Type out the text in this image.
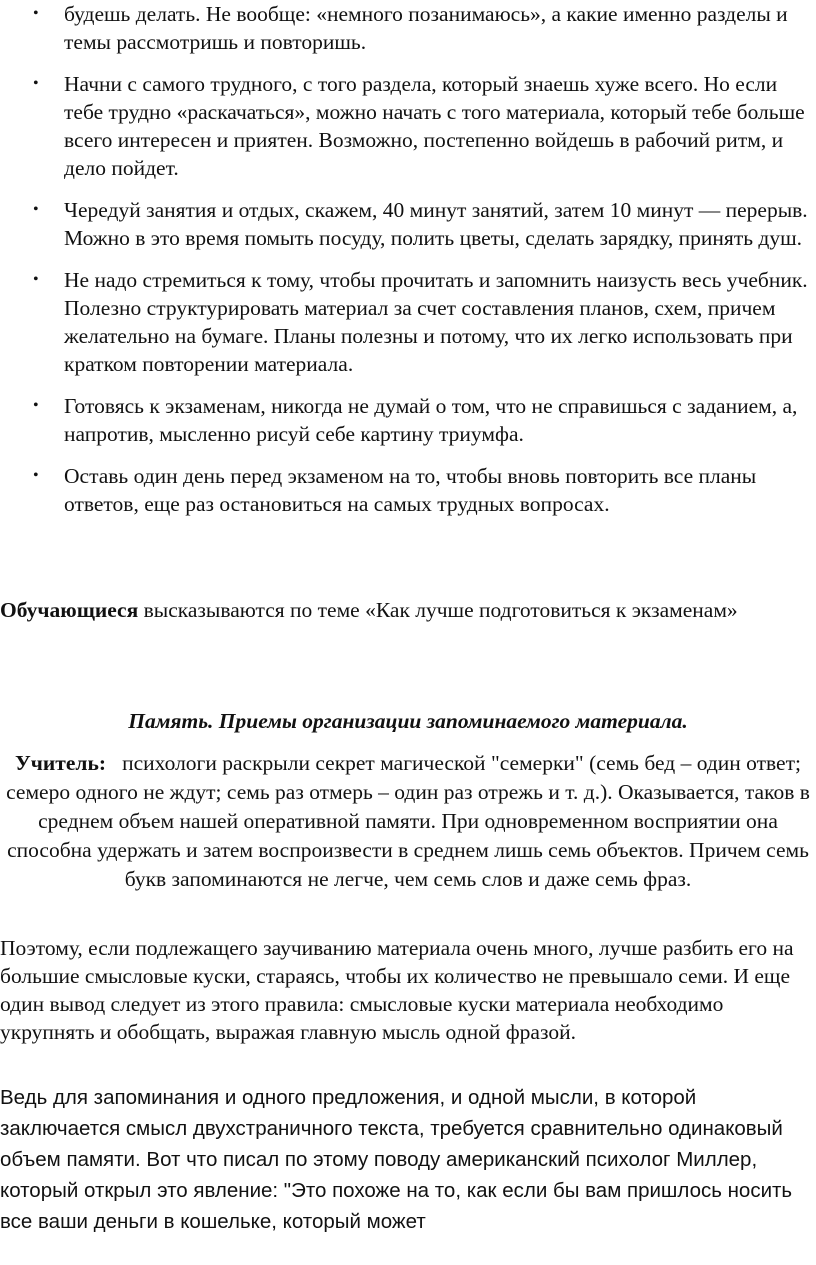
• будешь делать. Не вообще: «немного позанимаюсь», а какие именно разделы и темы рассмотришь и повторишь.
• Начни с самого трудного, с того раздела, который знаешь хуже всего. Но если тебе трудно «раскачаться», можно начать с того материала, который тебе больше всего интересен и приятен. Возможно, постепенно войдешь в рабочий ритм, и дело пойдет.
• Чередуй занятия и отдых, скажем, 40 минут занятий, затем 10 минут — перерыв. Можно в это время помыть посуду, полить цветы, сделать зарядку, принять душ.
• Не надо стремиться к тому, чтобы прочитать и запомнить наизусть весь учебник. Полезно структурировать материал за счет составления планов, схем, причем желательно на бумаге. Планы полезны и потому, что их легко использовать при кратком повторении материала.
• Готовясь к экзаменам, никогда не думай о том, что не справишься с заданием, а, напротив, мысленно рисуй себе картину триумфа.
• Оставь один день перед экзаменом на то, чтобы вновь повторить все планы ответов, еще раз остановиться на самых трудных вопросах.

Обучающиеся высказываются по теме «Как лучше подготовиться к экзаменам»

Память. Приемы организации запоминаемого материала.

Учитель: психологи раскрыли секрет магической "семерки" (семь бед – один ответ; семеро одного не ждут; семь раз отмерь – один раз отрежь и т. д.). Оказывается, таков в среднем объем нашей оперативной памяти. При одновременном восприятии она способна удержать и затем воспроизвести в среднем лишь семь объектов. Причем семь букв запоминаются не легче, чем семь слов и даже семь фраз.

Поэтому, если подлежащего заучиванию материала очень много, лучше разбить его на большие смысловые куски, стараясь, чтобы их количество не превышало семи. И еще один вывод следует из этого правила: смысловые куски материала необходимо укрупнять и обобщать, выражая главную мысль одной фразой.

Ведь для запоминания и одного предложения, и одной мысли, в которой заключается смысл двухстраничного текста, требуется сравнительно одинаковый объем памяти. Вот что писал по этому поводу американский психолог Миллер, который открыл это явление: "Это похоже на то, как если бы вам пришлось носить все ваши деньги в кошельке, который может
